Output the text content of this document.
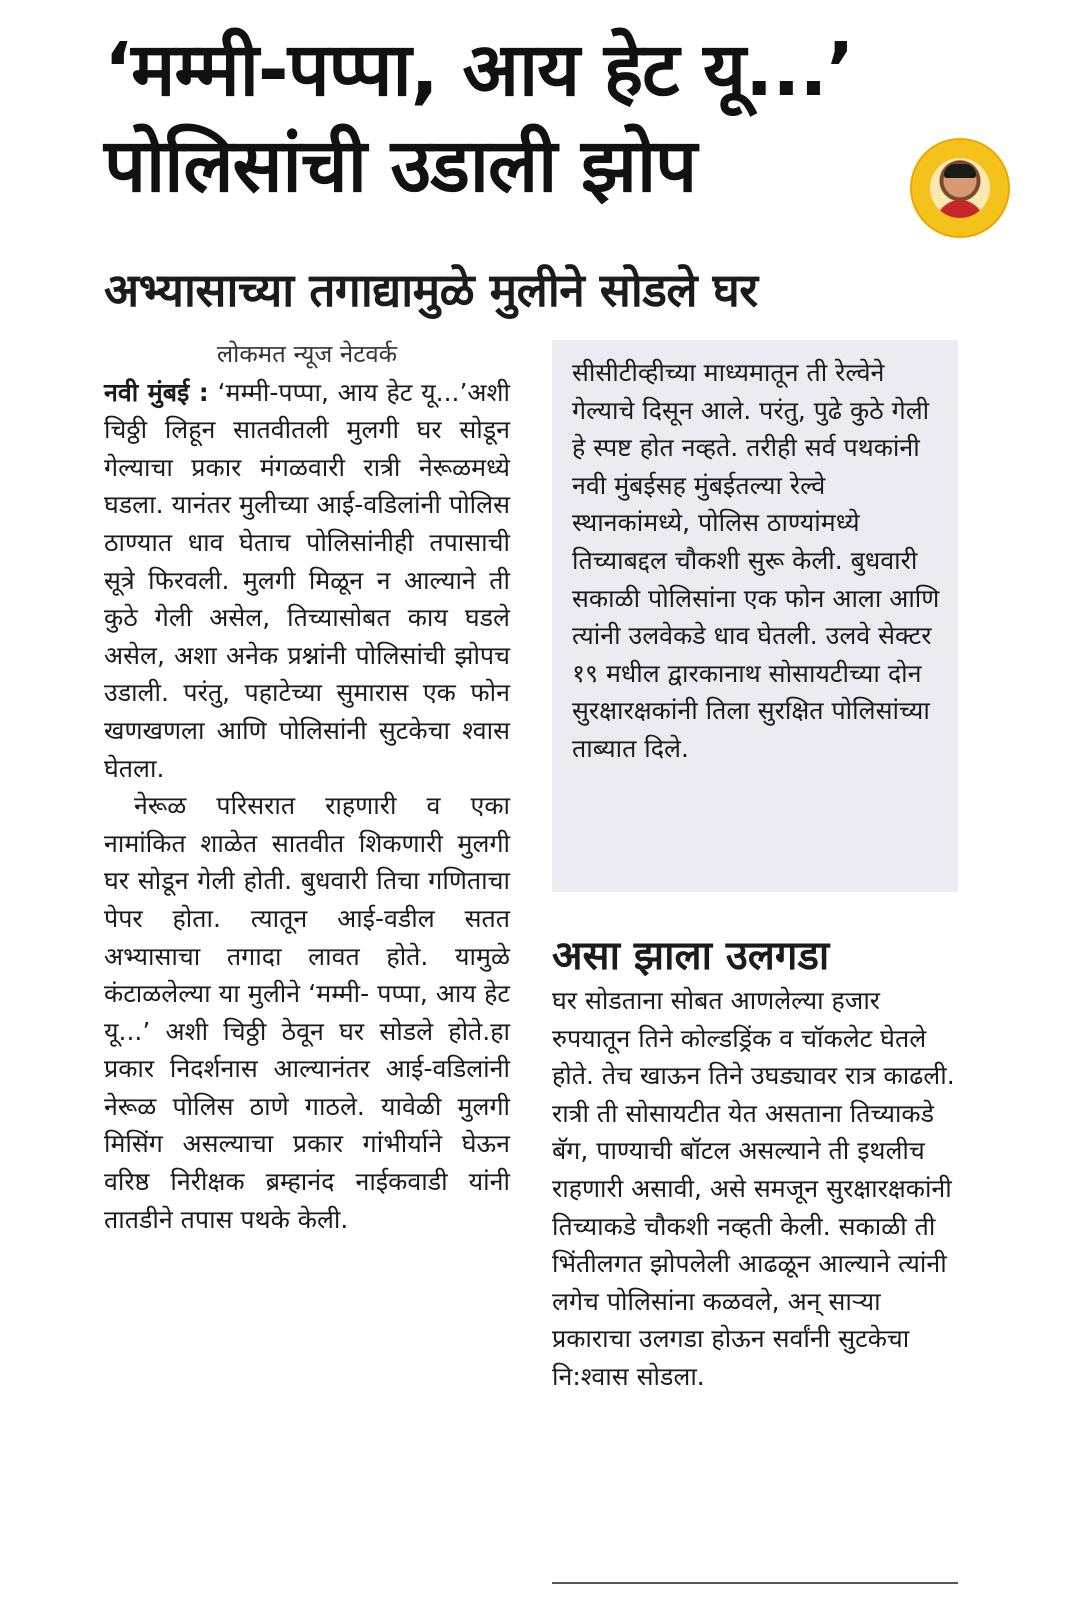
‘मम्मी-पप्पा, आय हेट यू...’
पोलिसांची उडाली झोप
अभ्यासाच्या तगाद्यामुळे मुलीने सोडले घर
लोकमत न्यूज नेटवर्क

नवी मुंबई : ‘मम्मी-पप्पा, आय हेट यू...’अशी चिठ्ठी लिहून सातवीतली मुलगी घर सोडून गेल्याचा प्रकार मंगळवारी रात्री नेरूळमध्ये घडला. यानंतर मुलीच्या आई-वडिलांनी पोलिस ठाण्यात धाव घेताच पोलिसांनीही तपासाची सूत्रे फिरवली. मुलगी मिळून न आल्याने ती कुठे गेली असेल, तिच्यासोबत काय घडले असेल, अशा अनेक प्रश्नांनी पोलिसांची झोपच उडाली. परंतु, पहाटेच्या सुमारास एक फोन खणखणला आणि पोलिसांनी सुटकेचा श्वास घेतला.

नेरूळ परिसरात राहणारी व एका नामांकित शाळेत सातवीत शिकणारी मुलगी घर सोडून गेली होती. बुधवारी तिचा गणिताचा पेपर होता. त्यातून आई-वडील सतत अभ्यासाचा तगादा लावत होते. यामुळे कंटाळलेल्या या मुलीने ‘मम्मी- पप्पा, आय हेट यू...’ अशी चिठ्ठी ठेवून घर सोडले होते.हा प्रकार निदर्शनास आल्यानंतर आई-वडिलांनी नेरूळ पोलिस ठाणे गाठले. यावेळी मुलगी मिसिंग असल्याचा प्रकार गांभीर्याने घेऊन वरिष्ठ निरीक्षक ब्रम्हानंद नाईकवाडी यांनी तातडीने तपास पथके केली.

सीसीटीव्हीच्या माध्यमातून ती रेल्वेने गेल्याचे दिसून आले. परंतु, पुढे कुठे गेली हे स्पष्ट होत नव्हते. तरीही सर्व पथकांनी नवी मुंबईसह मुंबईतल्या रेल्वे स्थानकांमध्ये, पोलिस ठाण्यांमध्ये तिच्याबद्दल चौकशी सुरू केली. बुधवारी सकाळी पोलिसांना एक फोन आला आणि त्यांनी उलवेकडे धाव घेतली. उलवे सेक्टर १९ मधील द्वारकानाथ सोसायटीच्या दोन सुरक्षारक्षकांनी तिला सुरक्षित पोलिसांच्या ताब्यात दिले.
असा झाला उलगडा
घर सोडताना सोबत आणलेल्या हजार रुपयातून तिने कोल्डड्रिंक व चॉकलेट घेतले होते. तेच खाऊन तिने उघड्यावर रात्र काढली. रात्री ती सोसायटीत येत असताना तिच्याकडे बॅग, पाण्याची बॉटल असल्याने ती इथलीच राहणारी असावी, असे समजून सुरक्षारक्षकांनी तिच्याकडे चौकशी नव्हती केली. सकाळी ती भिंतीलगत झोपलेली आढळून आल्याने त्यांनी लगेच पोलिसांना कळवले, अन् साऱ्या प्रकाराचा उलगडा होऊन सर्वांनी सुटकेचा नि:श्वास सोडला.
